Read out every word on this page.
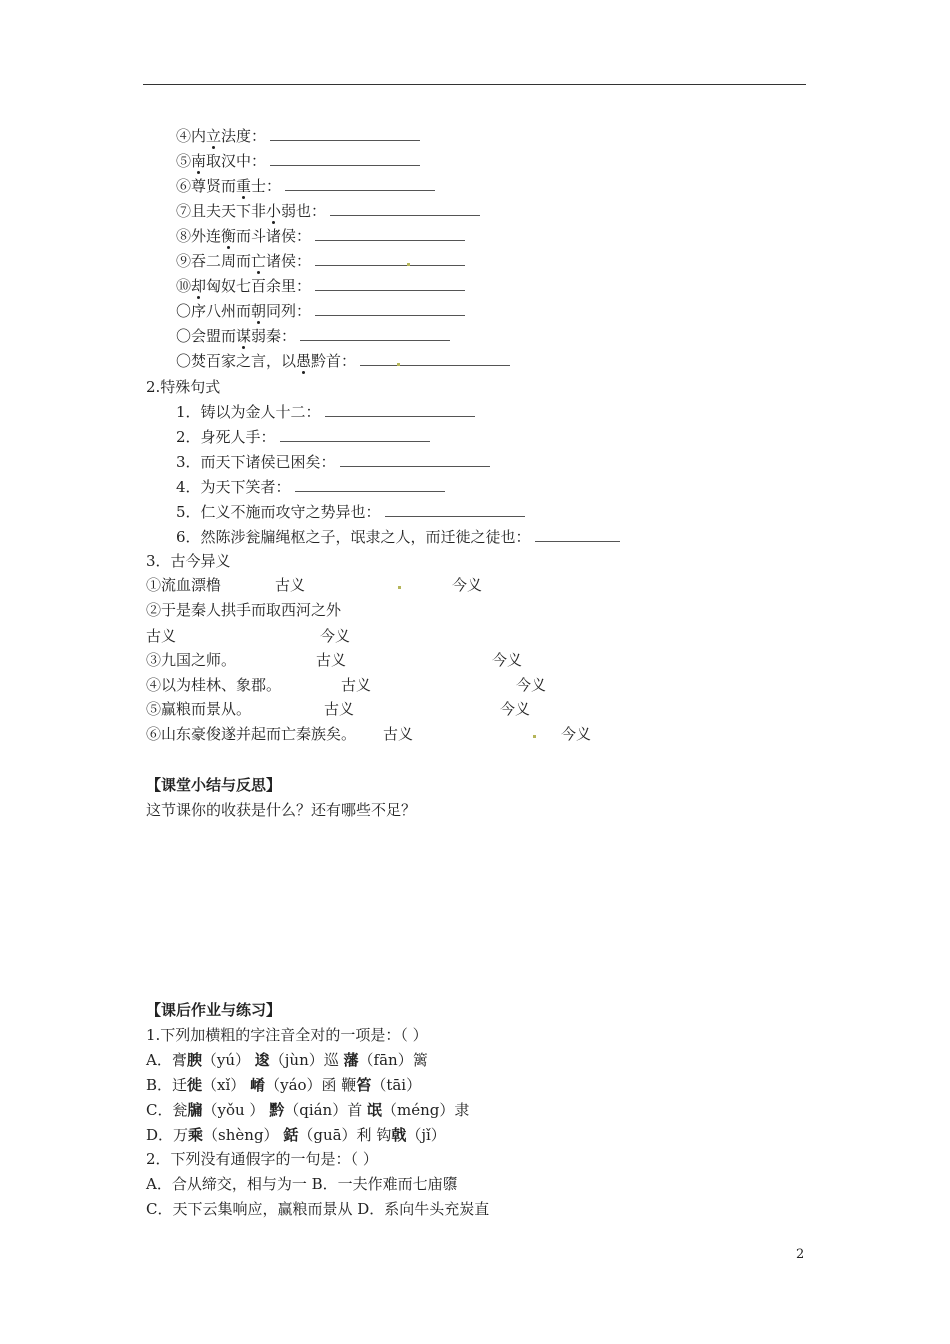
④内立法度：
⑤南取汉中：
⑥尊贤而重士：
⑦且夫天下非小弱也：
⑧外连衡而斗诸侯：
⑨吞二周而亡诸侯：
⑩却匈奴七百余里：
〇序八州而朝同列：
〇会盟而谋弱秦：
〇焚百家之言，以愚黔首：
2.特殊句式
1．铸以为金人十二：
2．身死人手：
3．而天下诸侯已困矣：
4．为天下笑者：
5．仁义不施而攻守之势异也：
6．然陈涉瓮牖绳枢之子，氓隶之人，而迁徙之徒也：
3．古今异义
①流血漂橹	古义	今义
②于是秦人拱手而取西河之外
古义	今义
③九国之师。	古义	今义
④以为桂林、象郡。	古义	今义
⑤赢粮而景从。	古义	今义
⑥山东豪俊遂并起而亡秦族矣。 古义	今义
【课堂小结与反思】
这节课你的收获是什么？还有哪些不足？
【课后作业与练习】
1.下列加横粗的字注音全对的一项是：（ ）
A．膏腴（yú） 逡（jùn）巡 藩（fān）篱
B．迁徙（xǐ） 崤（yáo）函 鞭笞（tāi）
C．瓮牖（yǒu ） 黔（qián）首 氓（méng）隶
D．万乘（shèng） 銛（guā）利 钩戟（jǐ）
2．下列没有通假字的一句是：（ ）
A．合从缔交，相与为一 B．一夫作难而七庙隳
C．天下云集响应，赢粮而景从 D．系向牛头充炭直
2
